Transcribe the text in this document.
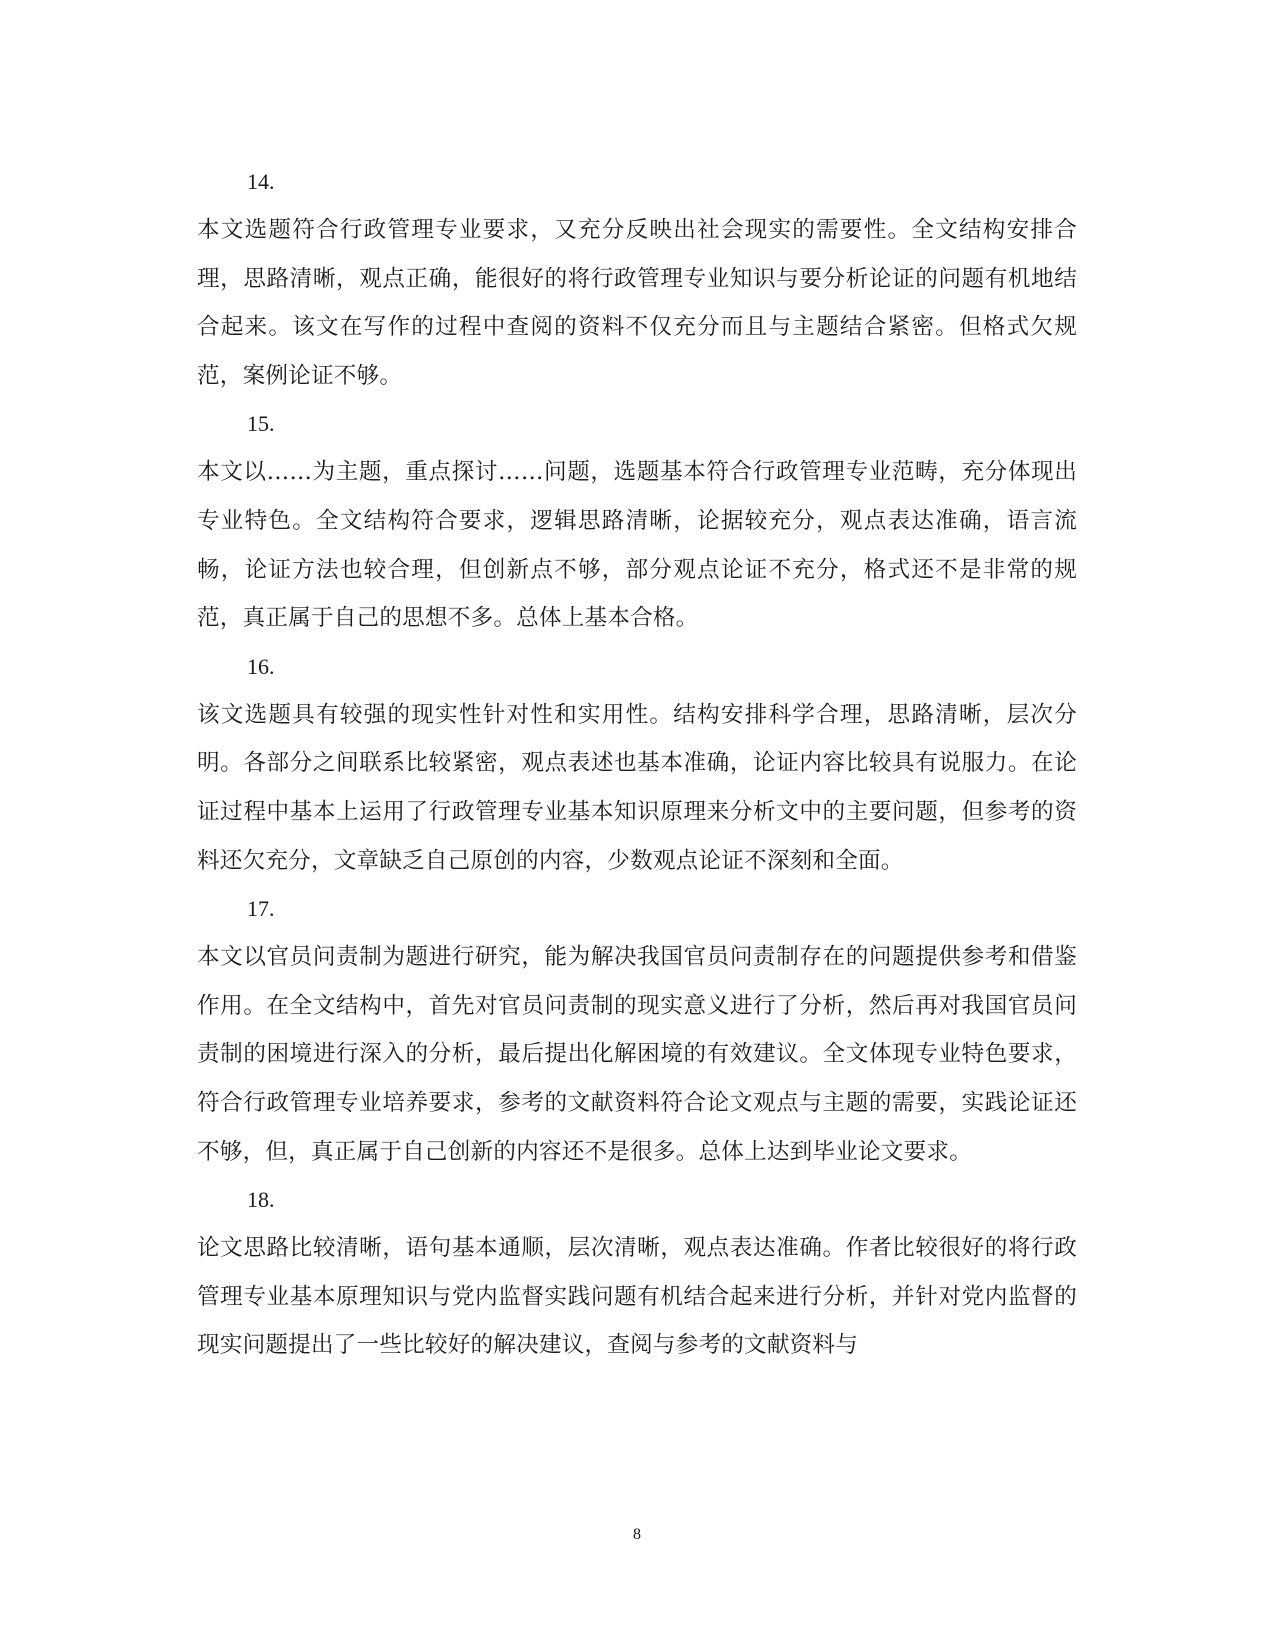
14.

本文选题符合行政管理专业要求，又充分反映出社会现实的需要性。全文结构安排合理，思路清晰，观点正确，能很好的将行政管理专业知识与要分析论证的问题有机地结合起来。该文在写作的过程中查阅的资料不仅充分而且与主题结合紧密。但格式欠规范，案例论证不够。

15.

本文以……为主题，重点探讨……问题，选题基本符合行政管理专业范畴，充分体现出专业特色。全文结构符合要求，逻辑思路清晰，论据较充分，观点表达准确，语言流畅，论证方法也较合理，但创新点不够，部分观点论证不充分，格式还不是非常的规范，真正属于自己的思想不多。总体上基本合格。

16.

该文选题具有较强的现实性针对性和实用性。结构安排科学合理，思路清晰，层次分明。各部分之间联系比较紧密，观点表述也基本准确，论证内容比较具有说服力。在论证过程中基本上运用了行政管理专业基本知识原理来分析文中的主要问题，但参考的资料还欠充分，文章缺乏自己原创的内容，少数观点论证不深刻和全面。

17.

本文以官员问责制为题进行研究，能为解决我国官员问责制存在的问题提供参考和借鉴作用。在全文结构中，首先对官员问责制的现实意义进行了分析，然后再对我国官员问责制的困境进行深入的分析，最后提出化解困境的有效建议。全文体现专业特色要求，符合行政管理专业培养要求，参考的文献资料符合论文观点与主题的需要，实践论证还不够，但，真正属于自己创新的内容还不是很多。总体上达到毕业论文要求。

18.

论文思路比较清晰，语句基本通顺，层次清晰，观点表达准确。作者比较很好的将行政管理专业基本原理知识与党内监督实践问题有机结合起来进行分析，并针对党内监督的现实问题提出了一些比较好的解决建议，查阅与参考的文献资料与

8
